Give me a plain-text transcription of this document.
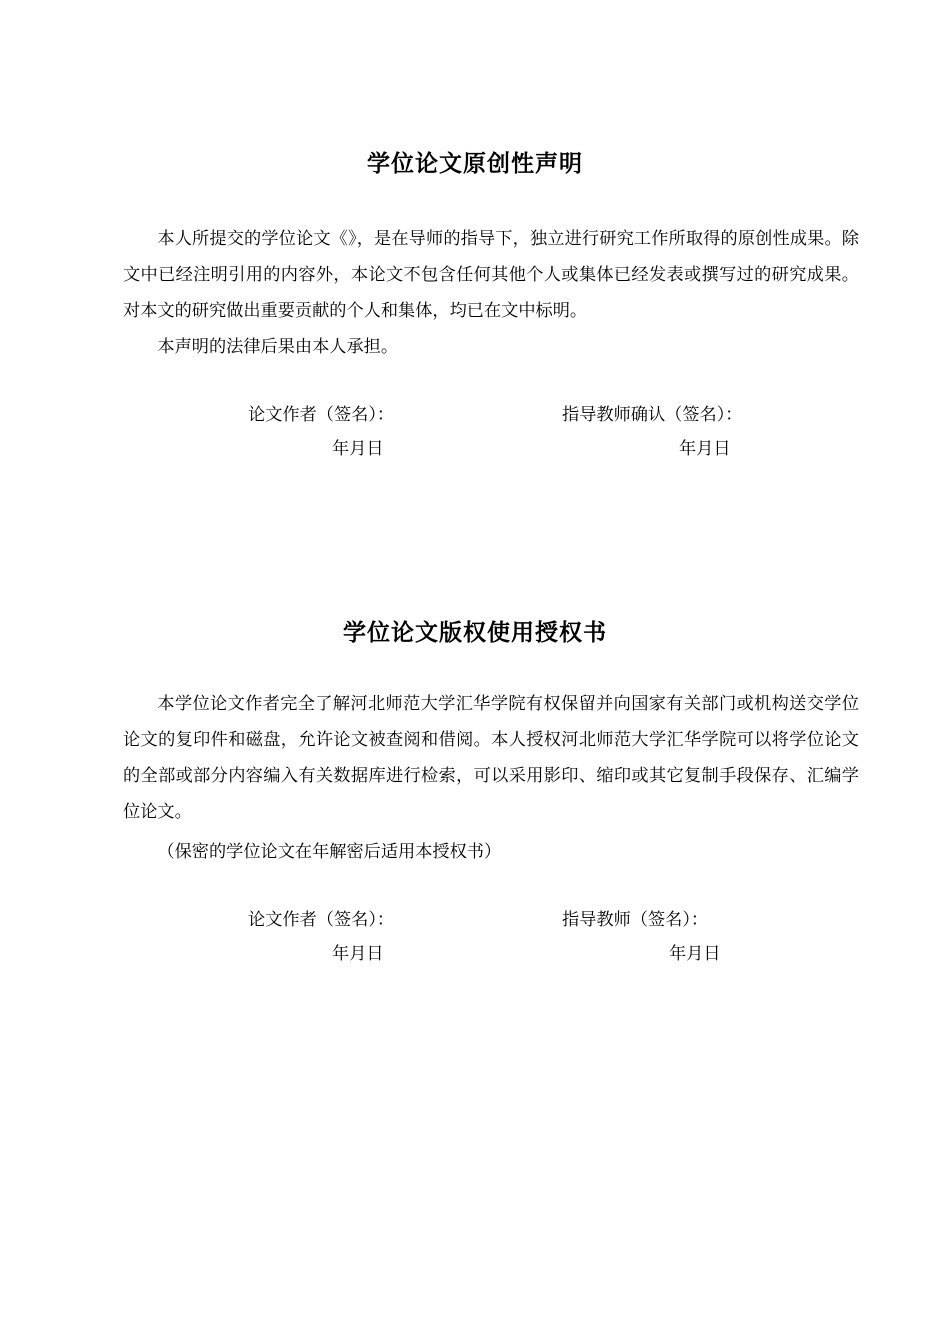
学位论文原创性声明

本人所提交的学位论文《》，是在导师的指导下，独立进行研究工作所取得的原创性成果。除文中已经注明引用的内容外，本论文不包含任何其他个人或集体已经发表或撰写过的研究成果。对本文的研究做出重要贡献的个人和集体，均已在文中标明。

本声明的法律后果由本人承担。

论文作者（签名）：
年月日
指导教师确认（签名）：
年月日
学位论文版权使用授权书

本学位论文作者完全了解河北师范大学汇华学院有权保留并向国家有关部门或机构送交学位论文的复印件和磁盘，允许论文被查阅和借阅。本人授权河北师范大学汇华学院可以将学位论文的全部或部分内容编入有关数据库进行检索，可以采用影印、缩印或其它复制手段保存、汇编学位论文。

（保密的学位论文在年解密后适用本授权书）

论文作者（签名）：
年月日
指导教师（签名）：
年月日
